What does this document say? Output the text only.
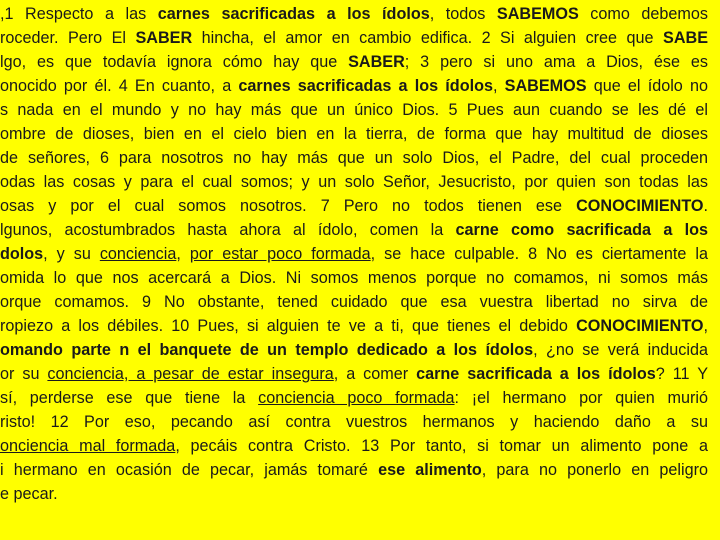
,1 Respecto a las carnes sacrificadas a los ídolos, todos SABEMOS como debemos
roceder. Pero El SABER hincha, el amor en cambio edifica. 2 Si alguien cree que SABE
lgo, es que todavía ignora cómo hay que SABER; 3 pero si uno ama a Dios, ése es
onocido por él. 4 En cuanto, a carnes sacrificadas a los ídolos, SABEMOS que el ídolo no
s nada en el mundo y no hay más que un único Dios. 5 Pues aun cuando se les dé el
ombre de dioses, bien en el cielo bien en la tierra, de forma que hay multitud de dioses
de señores, 6 para nosotros no hay más que un solo Dios, el Padre, del cual proceden
odas las cosas y para el cual somos; y un solo Señor, Jesucristo, por quien son todas las
osas y por el cual somos nosotros. 7 Pero no todos tienen ese CONOCIMIENTO.
lgunos, acostumbrados hasta ahora al ídolo, comen la carne como sacrificada a los
dolos, y su conciencia, por estar poco formada, se hace culpable. 8 No es ciertamente la
omida lo que nos acercará a Dios. Ni somos menos porque no comamos, ni somos más
orque comamos. 9 No obstante, tened cuidado que esa vuestra libertad no sirva de
ropiezo a los débiles. 10 Pues, si alguien te ve a ti, que tienes el debido CONOCIMIENTO,
omando parte n el banquete de un templo dedicado a los ídolos, ¿no se verá inducida
or su conciencia, a pesar de estar insegura, a comer carne sacrificada a los ídolos? 11 Y
sí, perderse ese que tiene la conciencia poco formada: ¡el hermano por quien murió
risto! 12 Por eso, pecando así contra vuestros hermanos y haciendo daño a su
onciencia mal formada, pecáis contra Cristo. 13 Por tanto, si tomar un alimento pone a
i hermano en ocasión de pecar, jamás tomaré ese alimento, para no ponerlo en peligro
e pecar.
